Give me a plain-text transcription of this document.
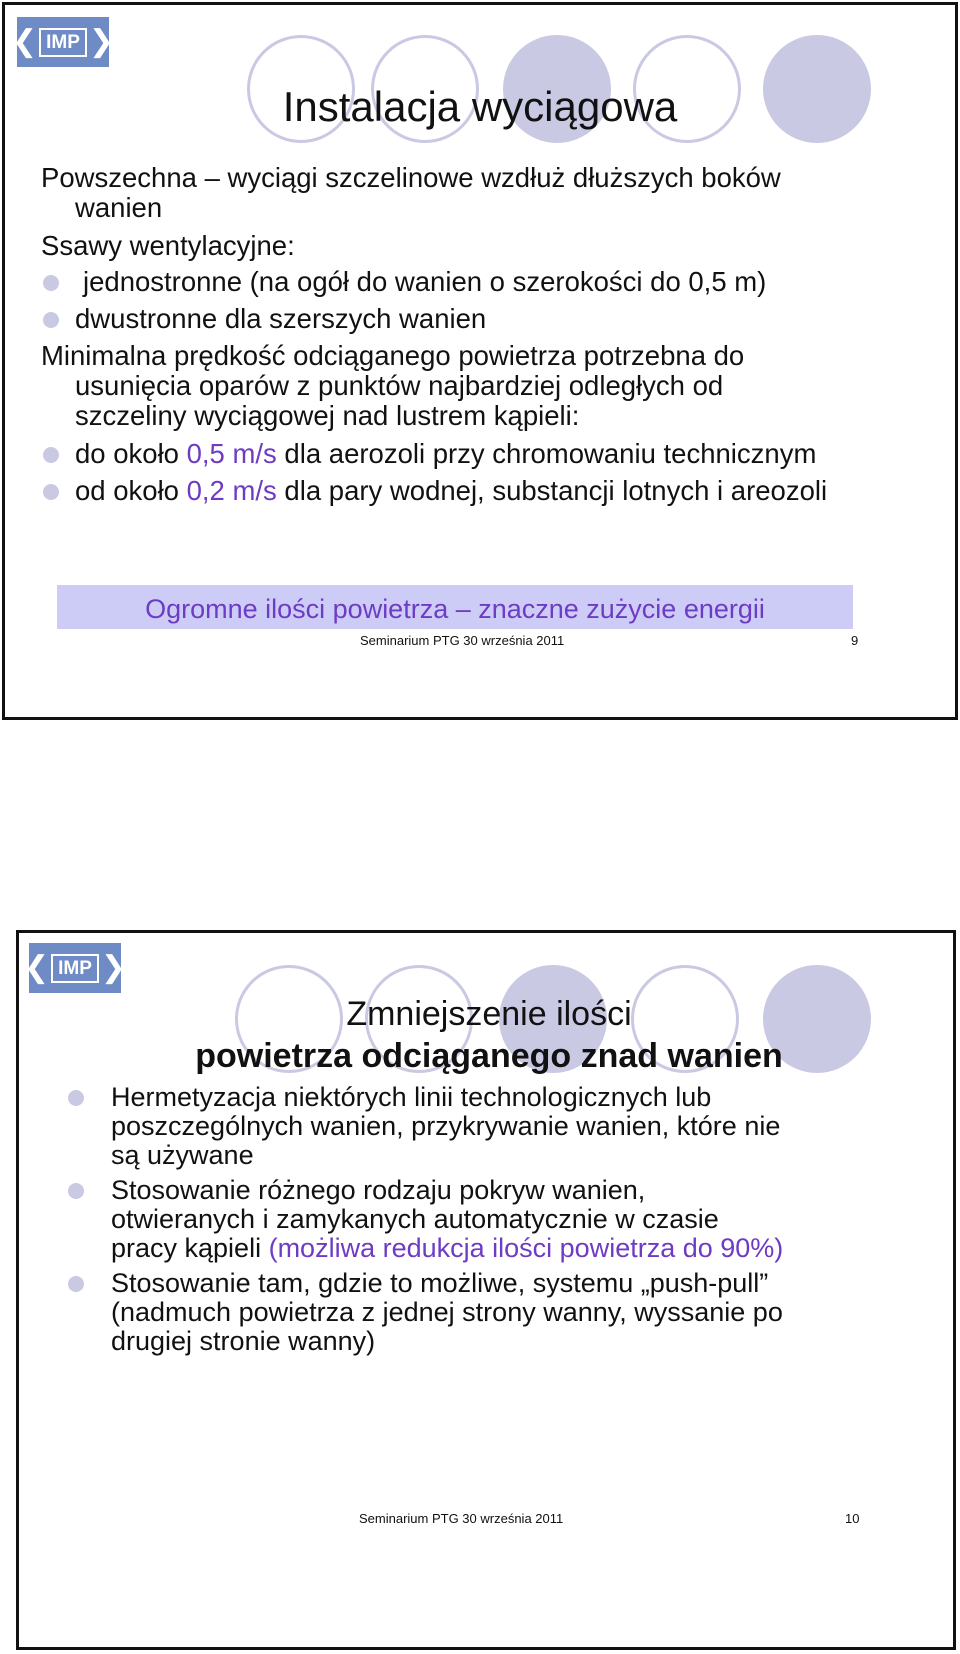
❮ IMP ❯
Instalacja wyciągowa
Powszechna – wyciągi szczelinowe wzdłuż dłuższych boków
wanien
Ssawy wentylacyjne:
jednostronne (na ogół do wanien o szerokości do 0,5 m)
dwustronne dla szerszych wanien
Minimalna prędkość odciąganego powietrza potrzebna do
usunięcia oparów z punktów najbardziej odległych od
szczeliny wyciągowej nad lustrem kąpieli:
do około 0,5 m/s dla aerozoli przy chromowaniu technicznym
od około 0,2 m/s dla pary wodnej, substancji lotnych i areozoli
Ogromne ilości powietrza – znaczne zużycie energii
Seminarium PTG 30 września 2011	9
❮ IMP ❯
Zmniejszenie ilości
powietrza odciąganego znad wanien
Hermetyzacja niektórych linii technologicznych lub
poszczególnych wanien, przykrywanie wanien, które nie
są używane
Stosowanie różnego rodzaju pokryw wanien,
otwieranych i zamykanych automatycznie w czasie
pracy kąpieli (możliwa redukcja ilości powietrza do 90%)
Stosowanie tam, gdzie to możliwe, systemu „push-pull”
(nadmuch powietrza z jednej strony wanny, wyssanie po
drugiej stronie wanny)
Seminarium PTG 30 września 2011	10
